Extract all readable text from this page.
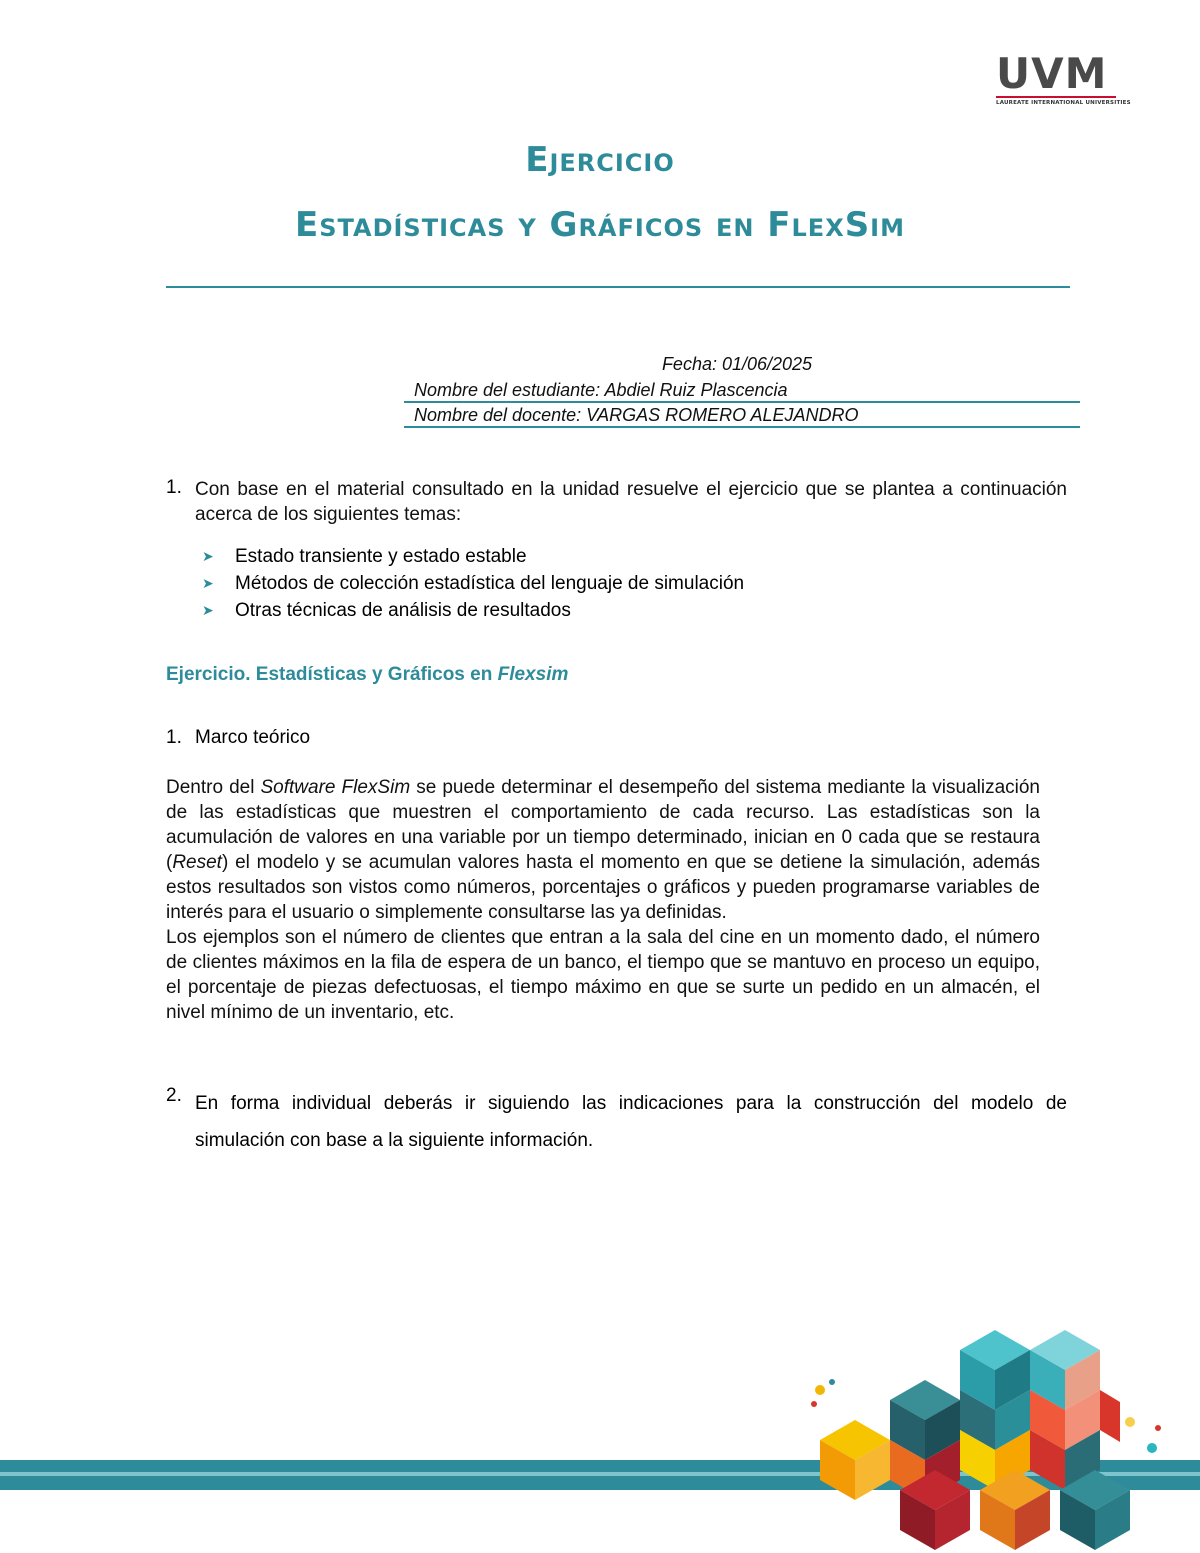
UVM
LAUREATE INTERNATIONAL UNIVERSITIES
Ejercicio
Estadísticas y Gráficos en FlexSim
Fecha: 01/06/2025
Nombre del estudiante: Abdiel Ruiz Plascencia
Nombre del docente: VARGAS ROMERO ALEJANDRO
1. Con base en el material consultado en la unidad resuelve el ejercicio que se plantea a continuación acerca de los siguientes temas:
➤ Estado transiente y estado estable
➤ Métodos de colección estadística del lenguaje de simulación
➤ Otras técnicas de análisis de resultados
Ejercicio. Estadísticas y Gráficos en Flexsim
1. Marco teórico
Dentro del Software FlexSim se puede determinar el desempeño del sistema mediante la visualización de las estadísticas que muestren el comportamiento de cada recurso. Las estadísticas son la acumulación de valores en una variable por un tiempo determinado, inician en 0 cada que se restaura (Reset) el modelo y se acumulan valores hasta el momento en que se detiene la simulación, además estos resultados son vistos como números, porcentajes o gráficos y pueden programarse variables de interés para el usuario o simplemente consultarse las ya definidas.
Los ejemplos son el número de clientes que entran a la sala del cine en un momento dado, el número de clientes máximos en la fila de espera de un banco, el tiempo que se mantuvo en proceso un equipo, el porcentaje de piezas defectuosas, el tiempo máximo en que se surte un pedido en un almacén, el nivel mínimo de un inventario, etc.
2. En forma individual deberás ir siguiendo las indicaciones para la construcción del modelo de simulación con base a la siguiente información.
